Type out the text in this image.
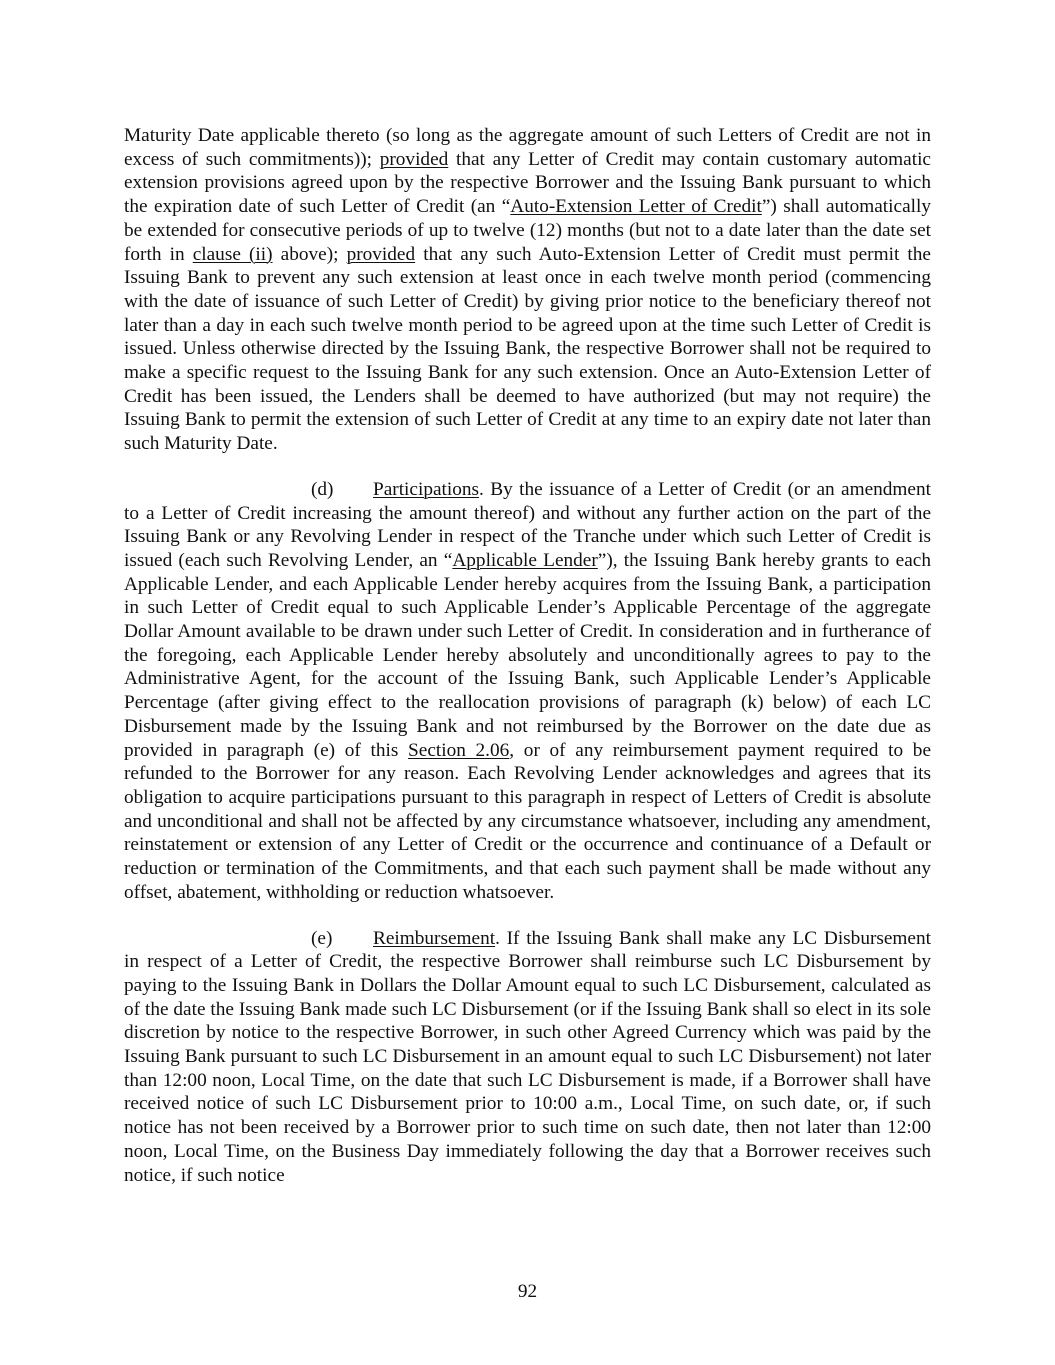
Maturity Date applicable thereto (so long as the aggregate amount of such Letters of Credit are not in excess of such commitments)); provided that any Letter of Credit may contain customary automatic extension provisions agreed upon by the respective Borrower and the Issuing Bank pursuant to which the expiration date of such Letter of Credit (an “Auto-Extension Letter of Credit”) shall automatically be extended for consecutive periods of up to twelve (12) months (but not to a date later than the date set forth in clause (ii) above); provided that any such Auto-Extension Letter of Credit must permit the Issuing Bank to prevent any such extension at least once in each twelve month period (commencing with the date of issuance of such Letter of Credit) by giving prior notice to the beneficiary thereof not later than a day in each such twelve month period to be agreed upon at the time such Letter of Credit is issued. Unless otherwise directed by the Issuing Bank, the respective Borrower shall not be required to make a specific request to the Issuing Bank for any such extension. Once an Auto-Extension Letter of Credit has been issued, the Lenders shall be deemed to have authorized (but may not require) the Issuing Bank to permit the extension of such Letter of Credit at any time to an expiry date not later than such Maturity Date.

(d) Participations. By the issuance of a Letter of Credit (or an amendment to a Letter of Credit increasing the amount thereof) and without any further action on the part of the Issuing Bank or any Revolving Lender in respect of the Tranche under which such Letter of Credit is issued (each such Revolving Lender, an “Applicable Lender”), the Issuing Bank hereby grants to each Applicable Lender, and each Applicable Lender hereby acquires from the Issuing Bank, a participation in such Letter of Credit equal to such Applicable Lender’s Applicable Percentage of the aggregate Dollar Amount available to be drawn under such Letter of Credit. In consideration and in furtherance of the foregoing, each Applicable Lender hereby absolutely and unconditionally agrees to pay to the Administrative Agent, for the account of the Issuing Bank, such Applicable Lender’s Applicable Percentage (after giving effect to the reallocation provisions of paragraph (k) below) of each LC Disbursement made by the Issuing Bank and not reimbursed by the Borrower on the date due as provided in paragraph (e) of this Section 2.06, or of any reimbursement payment required to be refunded to the Borrower for any reason. Each Revolving Lender acknowledges and agrees that its obligation to acquire participations pursuant to this paragraph in respect of Letters of Credit is absolute and unconditional and shall not be affected by any circumstance whatsoever, including any amendment, reinstatement or extension of any Letter of Credit or the occurrence and continuance of a Default or reduction or termination of the Commitments, and that each such payment shall be made without any offset, abatement, withholding or reduction whatsoever.

(e) Reimbursement. If the Issuing Bank shall make any LC Disbursement in respect of a Letter of Credit, the respective Borrower shall reimburse such LC Disbursement by paying to the Issuing Bank in Dollars the Dollar Amount equal to such LC Disbursement, calculated as of the date the Issuing Bank made such LC Disbursement (or if the Issuing Bank shall so elect in its sole discretion by notice to the respective Borrower, in such other Agreed Currency which was paid by the Issuing Bank pursuant to such LC Disbursement in an amount equal to such LC Disbursement) not later than 12:00 noon, Local Time, on the date that such LC Disbursement is made, if a Borrower shall have received notice of such LC Disbursement prior to 10:00 a.m., Local Time, on such date, or, if such notice has not been received by a Borrower prior to such time on such date, then not later than 12:00 noon, Local Time, on the Business Day immediately following the day that a Borrower receives such notice, if such notice

92
